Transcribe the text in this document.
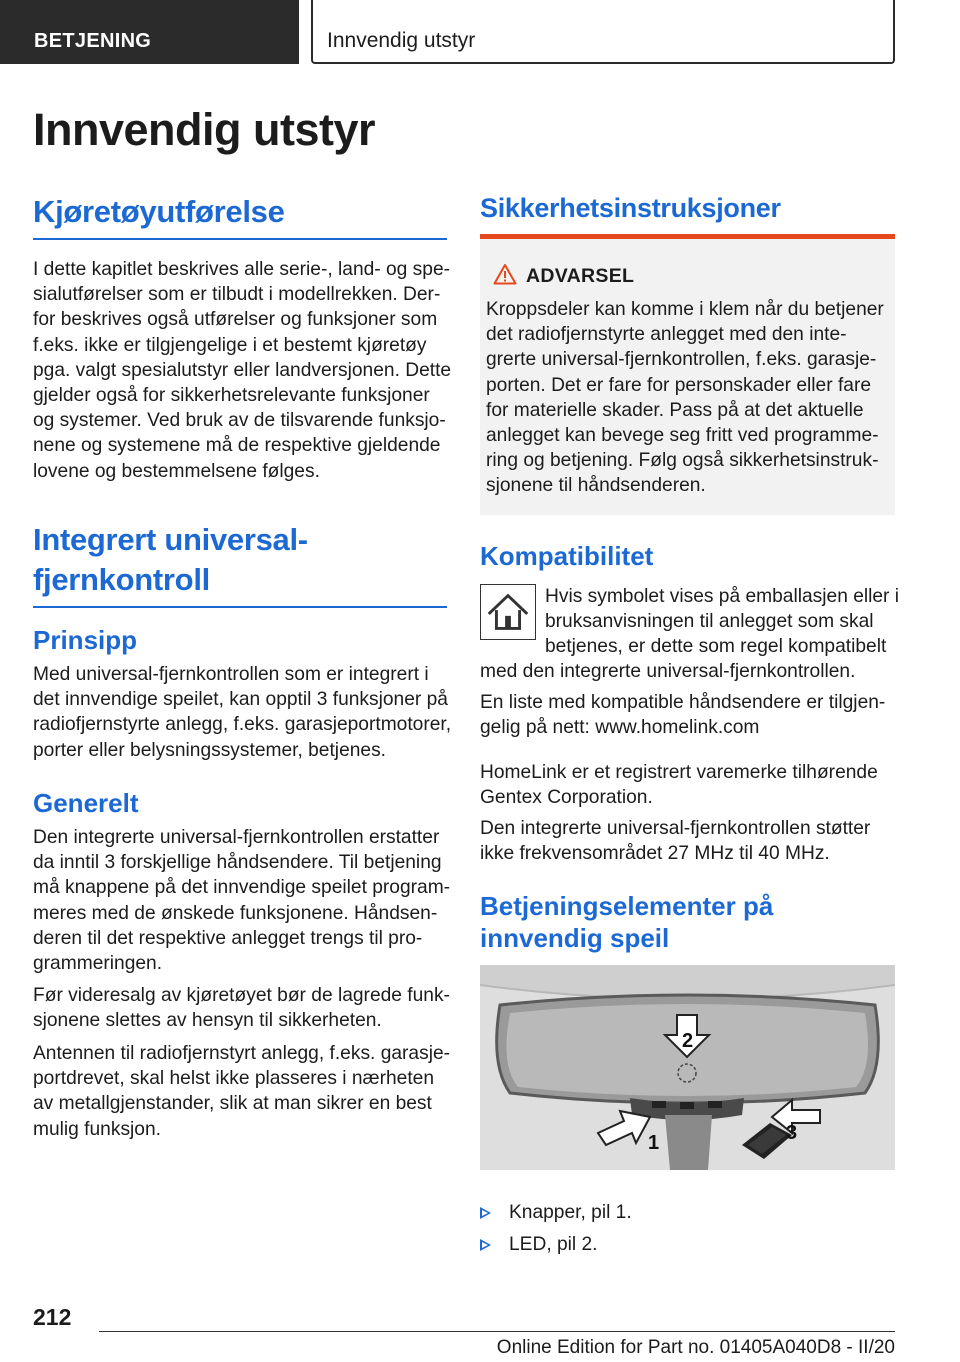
BETJENING	Innvendig utstyr
Innvendig utstyr
Kjøretøyutførelse
I dette kapitlet beskrives alle serie-, land- og spe-
sialutførelser som er tilbudt i modellrekken. Der-
for beskrives også utførelser og funksjoner som
f.eks. ikke er tilgjengelige i et bestemt kjøretøy
pga. valgt spesialutstyr eller landversjonen. Dette
gjelder også for sikkerhetsrelevante funksjoner
og systemer. Ved bruk av de tilsvarende funksjo-
nene og systemene må de respektive gjeldende
lovene og bestemmelsene følges.
Integrert universal-
fjernkontroll
Prinsipp
Med universal-fjernkontrollen som er integrert i
det innvendige speilet, kan opptil 3 funksjoner på
radiofjernstyrte anlegg, f.eks. garasjeportmotorer,
porter eller belysningssystemer, betjenes.
Generelt
Den integrerte universal-fjernkontrollen erstatter
da inntil 3 forskjellige håndsendere. Til betjening
må knappene på det innvendige speilet program-
meres med de ønskede funksjonene. Håndsen-
deren til det respektive anlegget trengs til pro-
grammeringen.
Før videresalg av kjøretøyet bør de lagrede funk-
sjonene slettes av hensyn til sikkerheten.
Antennen til radiofjernstyrt anlegg, f.eks. garasje-
portdrevet, skal helst ikke plasseres i nærheten
av metallgjenstander, slik at man sikrer en best
mulig funksjon.
Sikkerhetsinstruksjoner
ADVARSEL
Kroppsdeler kan komme i klem når du betjener
det radiofjernstyrte anlegget med den inte-
grerte universal-fjernkontrollen, f.eks. garasje-
porten. Det er fare for personskader eller fare
for materielle skader. Pass på at det aktuelle
anlegget kan bevege seg fritt ved programme-
ring og betjening. Følg også sikkerhetsinstruk-
sjonene til håndsenderen.
Kompatibilitet
Hvis symbolet vises på emballasjen eller i
bruksanvisningen til anlegget som skal
betjenes, er dette som regel kompatibelt
med den integrerte universal-fjernkontrollen.
En liste med kompatible håndsendere er tilgjen-
gelig på nett: www.homelink.com
HomeLink er et registrert varemerke tilhørende
Gentex Corporation.
Den integrerte universal-fjernkontrollen støtter
ikke frekvensområdet 27 MHz til 40 MHz.
Betjeningselementer på
innvendig speil
1
2
3
Knapper, pil 1.
LED, pil 2.
212
Online Edition for Part no. 01405A040D8 - II/20
